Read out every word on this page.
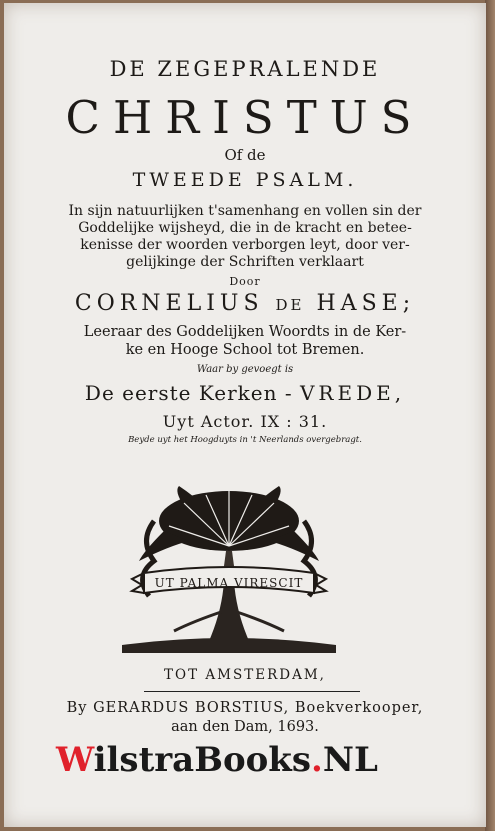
DE ZEGEPRALENDE
CHRISTUS
Of de
TWEEDE PSALM.
In sijn natuurlijken t'samenhang en vollen sin der
Goddelijke wijsheyd, die in de kracht en betee-
kenisse der woorden verborgen leyt, door ver-
gelijkinge der Schriften verklaart
Door
CORNELIUS DE HASE;
Leeraar des Goddelijken Woordts in de Ker-
ke en Hooge School tot Bremen.
Waar by gevoegt is
De eerste Kerken - VREDE,
Uyt Actor. IX : 31.
Beyde uyt het Hoogduyts in 't Neerlands overgebragt.
UT PALMA VIRESCIT
TOT AMSTERDAM,
By GERARDUS BORSTIUS, Boekverkooper,
aan den Dam, 1693.
WilstraBooks.NL
